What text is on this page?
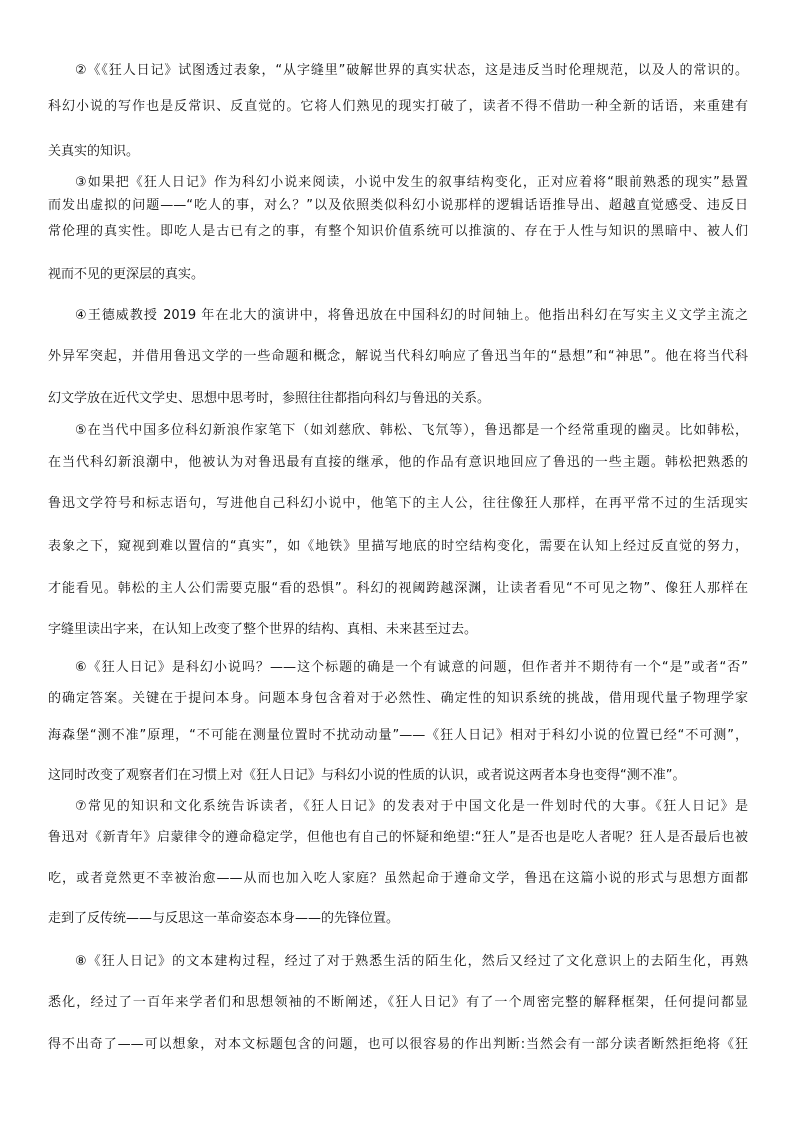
②《《狂人日记》试图透过表象，“从字缝里”破解世界的真实状态，这是违反当时伦理规范，以及人的常识的。
科幻小说的写作也是反常识、反直觉的。它将人们熟见的现实打破了，读者不得不借助一种全新的话语，来重建有
关真实的知识。
③如果把《狂人日记》作为科幻小说来阅读，小说中发生的叙事结构变化，正对应着将“眼前熟悉的现实”悬置
而发出虚拟的问题——“吃人的事，对么？”以及依照类似科幻小说那样的逻辑话语推导出、超越直觉感受、违反日
常伦理的真实性。即吃人是古已有之的事，有整个知识价值系统可以推演的、存在于人性与知识的黑暗中、被人们
视而不见的更深层的真实。
④王德威教授 2019 年在北大的演讲中，将鲁迅放在中国科幻的时间轴上。他指出科幻在写实主义文学主流之
外异军突起，并借用鲁迅文学的一些命题和概念，解说当代科幻响应了鲁迅当年的“悬想”和“神思”。他在将当代科
幻文学放在近代文学史、思想中思考时，参照往往都指向科幻与鲁迅的关系。
⑤在当代中国多位科幻新浪作家笔下（如刘慈欣、韩松、飞氘等），鲁迅都是一个经常重现的幽灵。比如韩松，
在当代科幻新浪潮中，他被认为对鲁迅最有直接的继承，他的作品有意识地回应了鲁迅的一些主题。韩松把熟悉的
鲁迅文学符号和标志语句，写进他自己科幻小说中，他笔下的主人公，往往像狂人那样，在再平常不过的生活现实
表象之下，窥视到难以置信的“真实”，如《地铁》里描写地底的时空结构变化，需要在认知上经过反直觉的努力，
才能看见。韩松的主人公们需要克服“看的恐惧”。科幻的视阈跨越深渊，让读者看见“不可见之物”、像狂人那样在
字缝里读出字来，在认知上改变了整个世界的结构、真相、未来甚至过去。
⑥《狂人日记》是科幻小说吗？——这个标题的确是一个有诚意的问题，但作者并不期待有一个“是”或者“否”
的确定答案。关键在于提问本身。问题本身包含着对于必然性、确定性的知识系统的挑战，借用现代量子物理学家
海森堡“测不准”原理，“不可能在测量位置时不扰动动量”——《狂人日记》相对于科幻小说的位置已经“不可测”，
这同时改变了观察者们在习惯上对《狂人日记》与科幻小说的性质的认识，或者说这两者本身也变得“测不准”。
⑦常见的知识和文化系统告诉读者，《狂人日记》的发表对于中国文化是一件划时代的大事。《狂人日记》是
鲁迅对《新青年》启蒙律令的遵命稳定学，但他也有自己的怀疑和绝望:“狂人”是否也是吃人者呢？狂人是否最后也被
吃，或者竟然更不幸被治愈——从而也加入吃人家庭？虽然起命于遵命文学，鲁迅在这篇小说的形式与思想方面都
走到了反传统——与反思这一革命姿态本身——的先锋位置。
⑧《狂人日记》的文本建构过程，经过了对于熟悉生活的陌生化，然后又经过了文化意识上的去陌生化，再熟
悉化，经过了一百年来学者们和思想领袖的不断阐述，《狂人日记》有了一个周密完整的解释框架，任何提问都显
得不出奇了——可以想象，对本文标题包含的问题，也可以很容易的作出判断:当然会有一部分读者断然拒绝将《狂
